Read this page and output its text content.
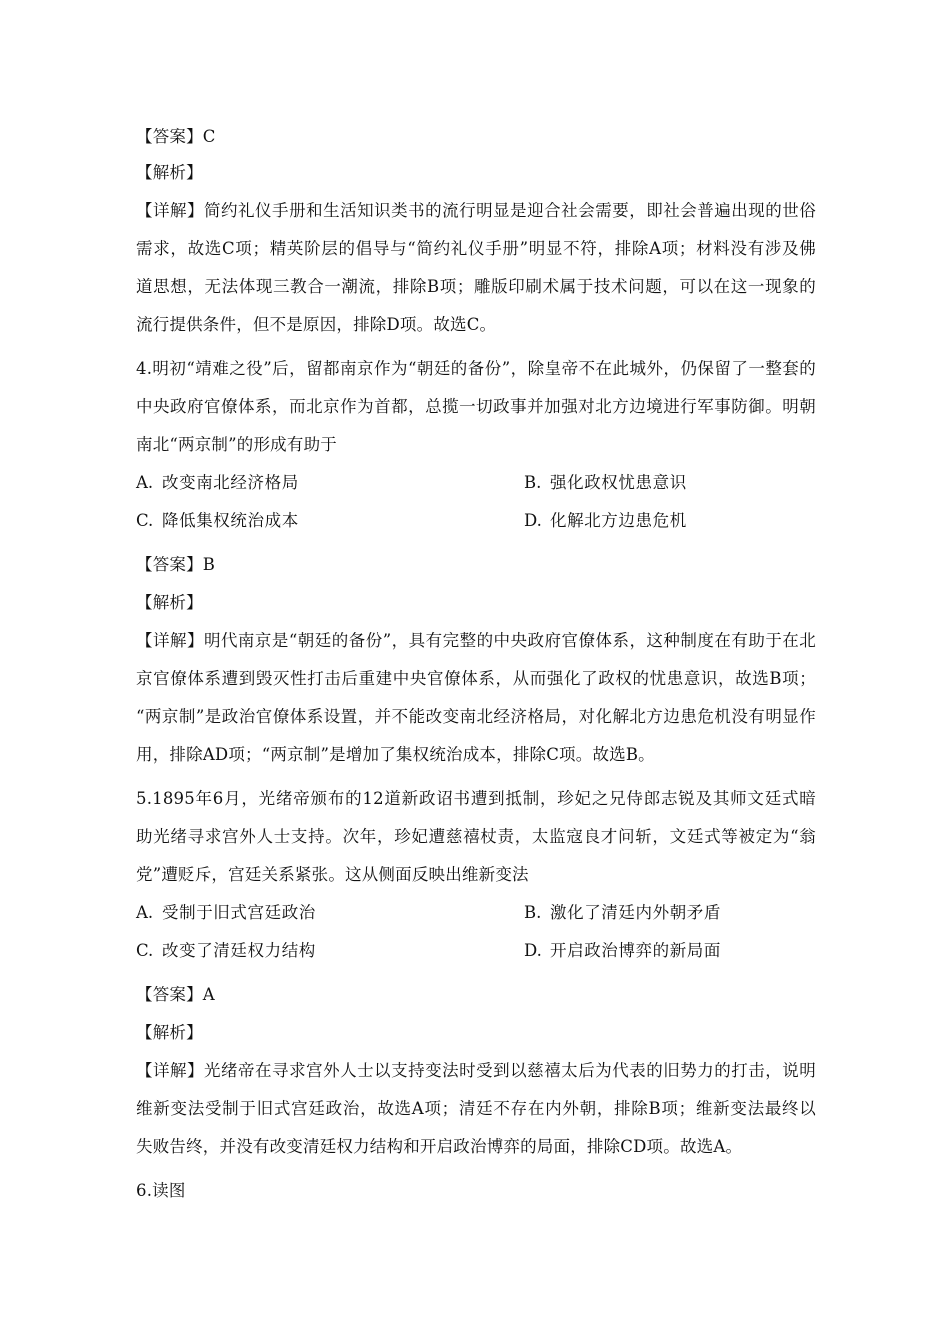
【答案】C
【解析】
【详解】简约礼仪手册和生活知识类书的流行明显是迎合社会需要，即社会普遍出现的世俗
需求，故选C项；精英阶层的倡导与“简约礼仪手册”明显不符，排除A项；材料没有涉及佛
道思想，无法体现三教合一潮流，排除B项；雕版印刷术属于技术问题，可以在这一现象的
流行提供条件，但不是原因，排除D项。故选C。
4.明初“靖难之役”后，留都南京作为“朝廷的备份”，除皇帝不在此城外，仍保留了一整套的
中央政府官僚体系，而北京作为首都，总揽一切政事并加强对北方边境进行军事防御。明朝
南北“两京制”的形成有助于
A. 改变南北经济格局	B. 强化政权忧患意识
C. 降低集权统治成本	D. 化解北方边患危机
【答案】B
【解析】
【详解】明代南京是“朝廷的备份”，具有完整的中央政府官僚体系，这种制度在有助于在北
京官僚体系遭到毁灭性打击后重建中央官僚体系，从而强化了政权的忧患意识，故选B项；
“两京制”是政治官僚体系设置，并不能改变南北经济格局，对化解北方边患危机没有明显作
用，排除AD项；“两京制”是增加了集权统治成本，排除C项。故选B。
5.1895年6月，光绪帝颁布的12道新政诏书遭到抵制，珍妃之兄侍郎志锐及其师文廷式暗
助光绪寻求宫外人士支持。次年，珍妃遭慈禧杖责，太监寇良才问斩，文廷式等被定为“翁
党”遭贬斥，宫廷关系紧张。这从侧面反映出维新变法
A. 受制于旧式宫廷政治	B. 激化了清廷内外朝矛盾
C. 改变了清廷权力结构	D. 开启政治博弈的新局面
【答案】A
【解析】
【详解】光绪帝在寻求宫外人士以支持变法时受到以慈禧太后为代表的旧势力的打击，说明
维新变法受制于旧式宫廷政治，故选A项；清廷不存在内外朝，排除B项；维新变法最终以
失败告终，并没有改变清廷权力结构和开启政治博弈的局面，排除CD项。故选A。
6.读图
